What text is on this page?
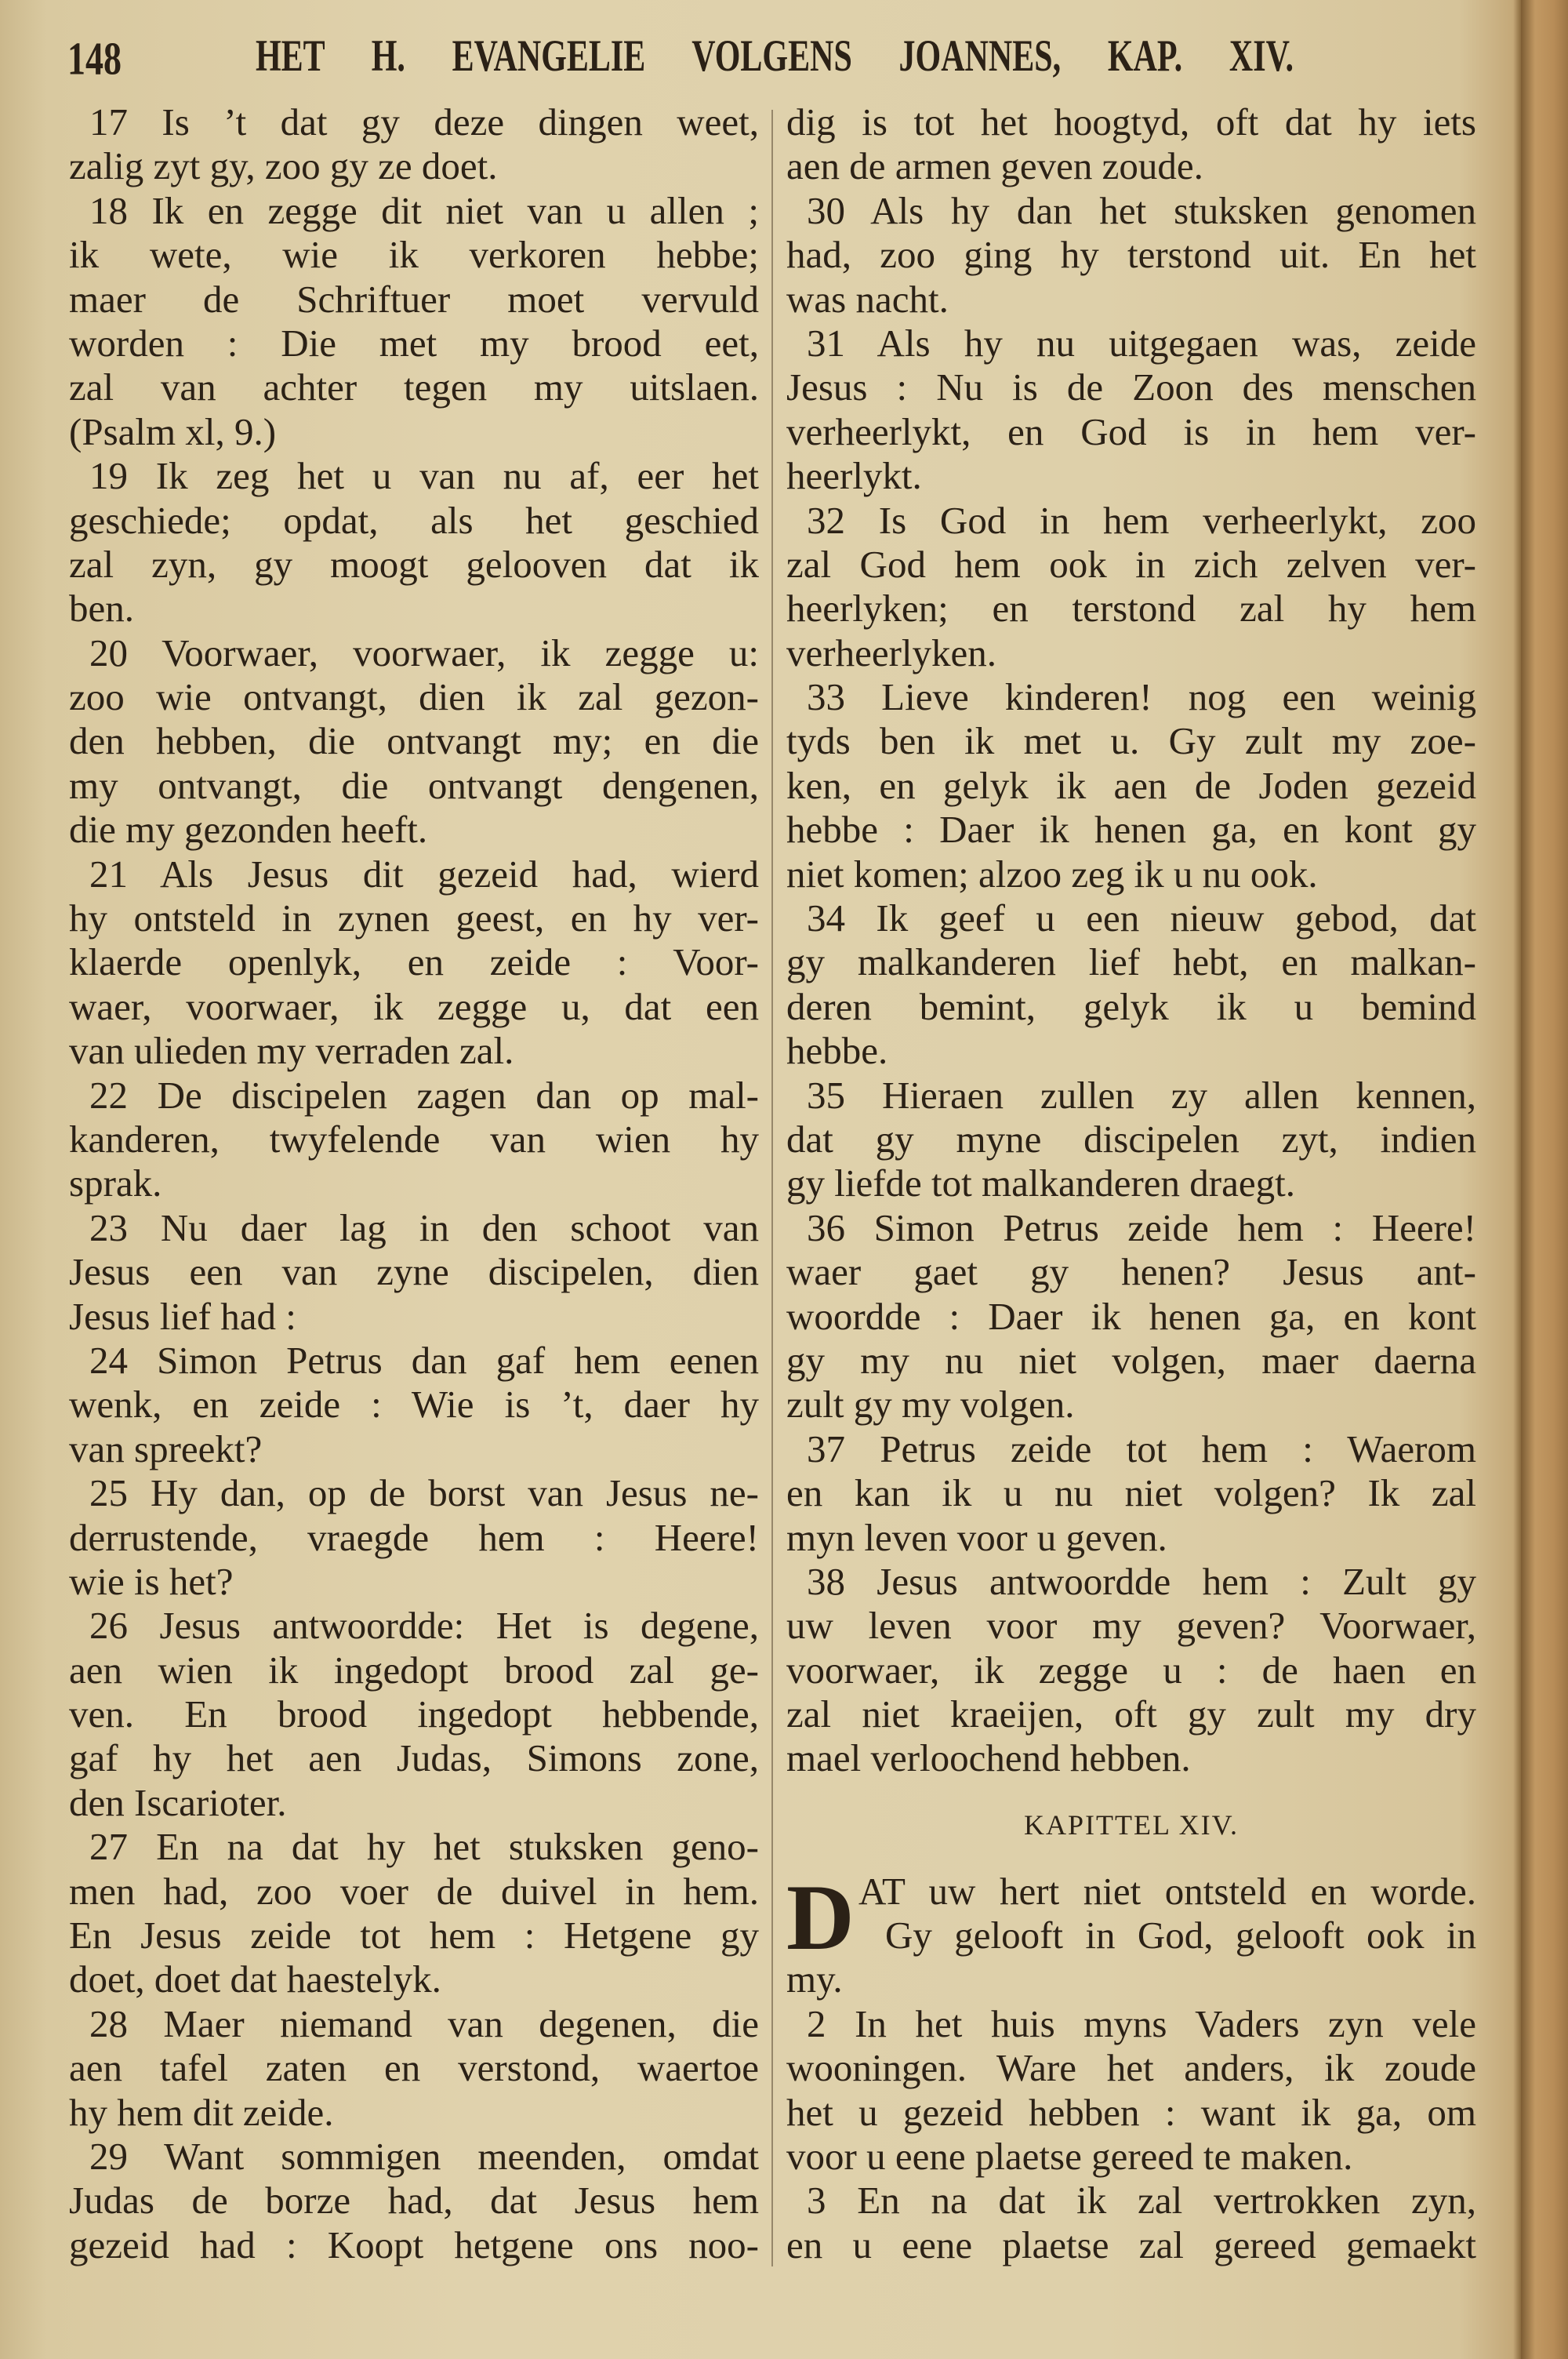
148	HET H. EVANGELIE VOLGENS JOANNES, KAP. XIV.
17 Is ’t dat gy deze dingen weet,
zalig zyt gy, zoo gy ze doet.
18 Ik en zegge dit niet van u allen ;
ik wete, wie ik verkoren hebbe;
maer de Schriftuer moet vervuld
worden : Die met my brood eet,
zal van achter tegen my uitslaen.
(Psalm xl, 9.)
19 Ik zeg het u van nu af, eer het
geschiede; opdat, als het geschied
zal zyn, gy moogt gelooven dat ik
ben.
20 Voorwaer, voorwaer, ik zegge u:
zoo wie ontvangt, dien ik zal gezon-
den hebben, die ontvangt my; en die
my ontvangt, die ontvangt dengenen,
die my gezonden heeft.
21 Als Jesus dit gezeid had, wierd
hy ontsteld in zynen geest, en hy ver-
klaerde openlyk, en zeide : Voor-
waer, voorwaer, ik zegge u, dat een
van ulieden my verraden zal.
22 De discipelen zagen dan op mal-
kanderen, twyfelende van wien hy
sprak.
23 Nu daer lag in den schoot van
Jesus een van zyne discipelen, dien
Jesus lief had :
24 Simon Petrus dan gaf hem eenen
wenk, en zeide : Wie is ’t, daer hy
van spreekt?
25 Hy dan, op de borst van Jesus ne-
derrustende, vraegde hem : Heere!
wie is het?
26 Jesus antwoordde: Het is degene,
aen wien ik ingedopt brood zal ge-
ven. En brood ingedopt hebbende,
gaf hy het aen Judas, Simons zone,
den Iscarioter.
27 En na dat hy het stuksken geno-
men had, zoo voer de duivel in hem.
En Jesus zeide tot hem : Hetgene gy
doet, doet dat haestelyk.
28 Maer niemand van degenen, die
aen tafel zaten en verstond, waertoe
hy hem dit zeide.
29 Want sommigen meenden, omdat
Judas de borze had, dat Jesus hem
gezeid had : Koopt hetgene ons noo-
dig is tot het hoogtyd, oft dat hy iets
aen de armen geven zoude.
30 Als hy dan het stuksken genomen
had, zoo ging hy terstond uit. En het
was nacht.
31 Als hy nu uitgegaen was, zeide
Jesus : Nu is de Zoon des menschen
verheerlykt, en God is in hem ver-
heerlykt.
32 Is God in hem verheerlykt, zoo
zal God hem ook in zich zelven ver-
heerlyken; en terstond zal hy hem
verheerlyken.
33 Lieve kinderen! nog een weinig
tyds ben ik met u. Gy zult my zoe-
ken, en gelyk ik aen de Joden gezeid
hebbe : Daer ik henen ga, en kont gy
niet komen; alzoo zeg ik u nu ook.
34 Ik geef u een nieuw gebod, dat
gy malkanderen lief hebt, en malkan-
deren bemint, gelyk ik u bemind
hebbe.
35 Hieraen zullen zy allen kennen,
dat gy myne discipelen zyt, indien
gy liefde tot malkanderen draegt.
36 Simon Petrus zeide hem : Heere!
waer gaet gy henen? Jesus ant-
woordde : Daer ik henen ga, en kont
gy my nu niet volgen, maer daerna
zult gy my volgen.
37 Petrus zeide tot hem : Waerom
en kan ik u nu niet volgen? Ik zal
myn leven voor u geven.
38 Jesus antwoordde hem : Zult gy
uw leven voor my geven? Voorwaer,
voorwaer, ik zegge u : de haen en
zal niet kraeijen, oft gy zult my dry
mael verloochend hebben.
KAPITTEL XIV.
D AT uw hert niet ontsteld en worde.
Gy gelooft in God, gelooft ook in
my.
2 In het huis myns Vaders zyn vele
wooningen. Ware het anders, ik zoude
het u gezeid hebben : want ik ga, om
voor u eene plaetse gereed te maken.
3 En na dat ik zal vertrokken zyn,
en u eene plaetse zal gereed gemaekt
